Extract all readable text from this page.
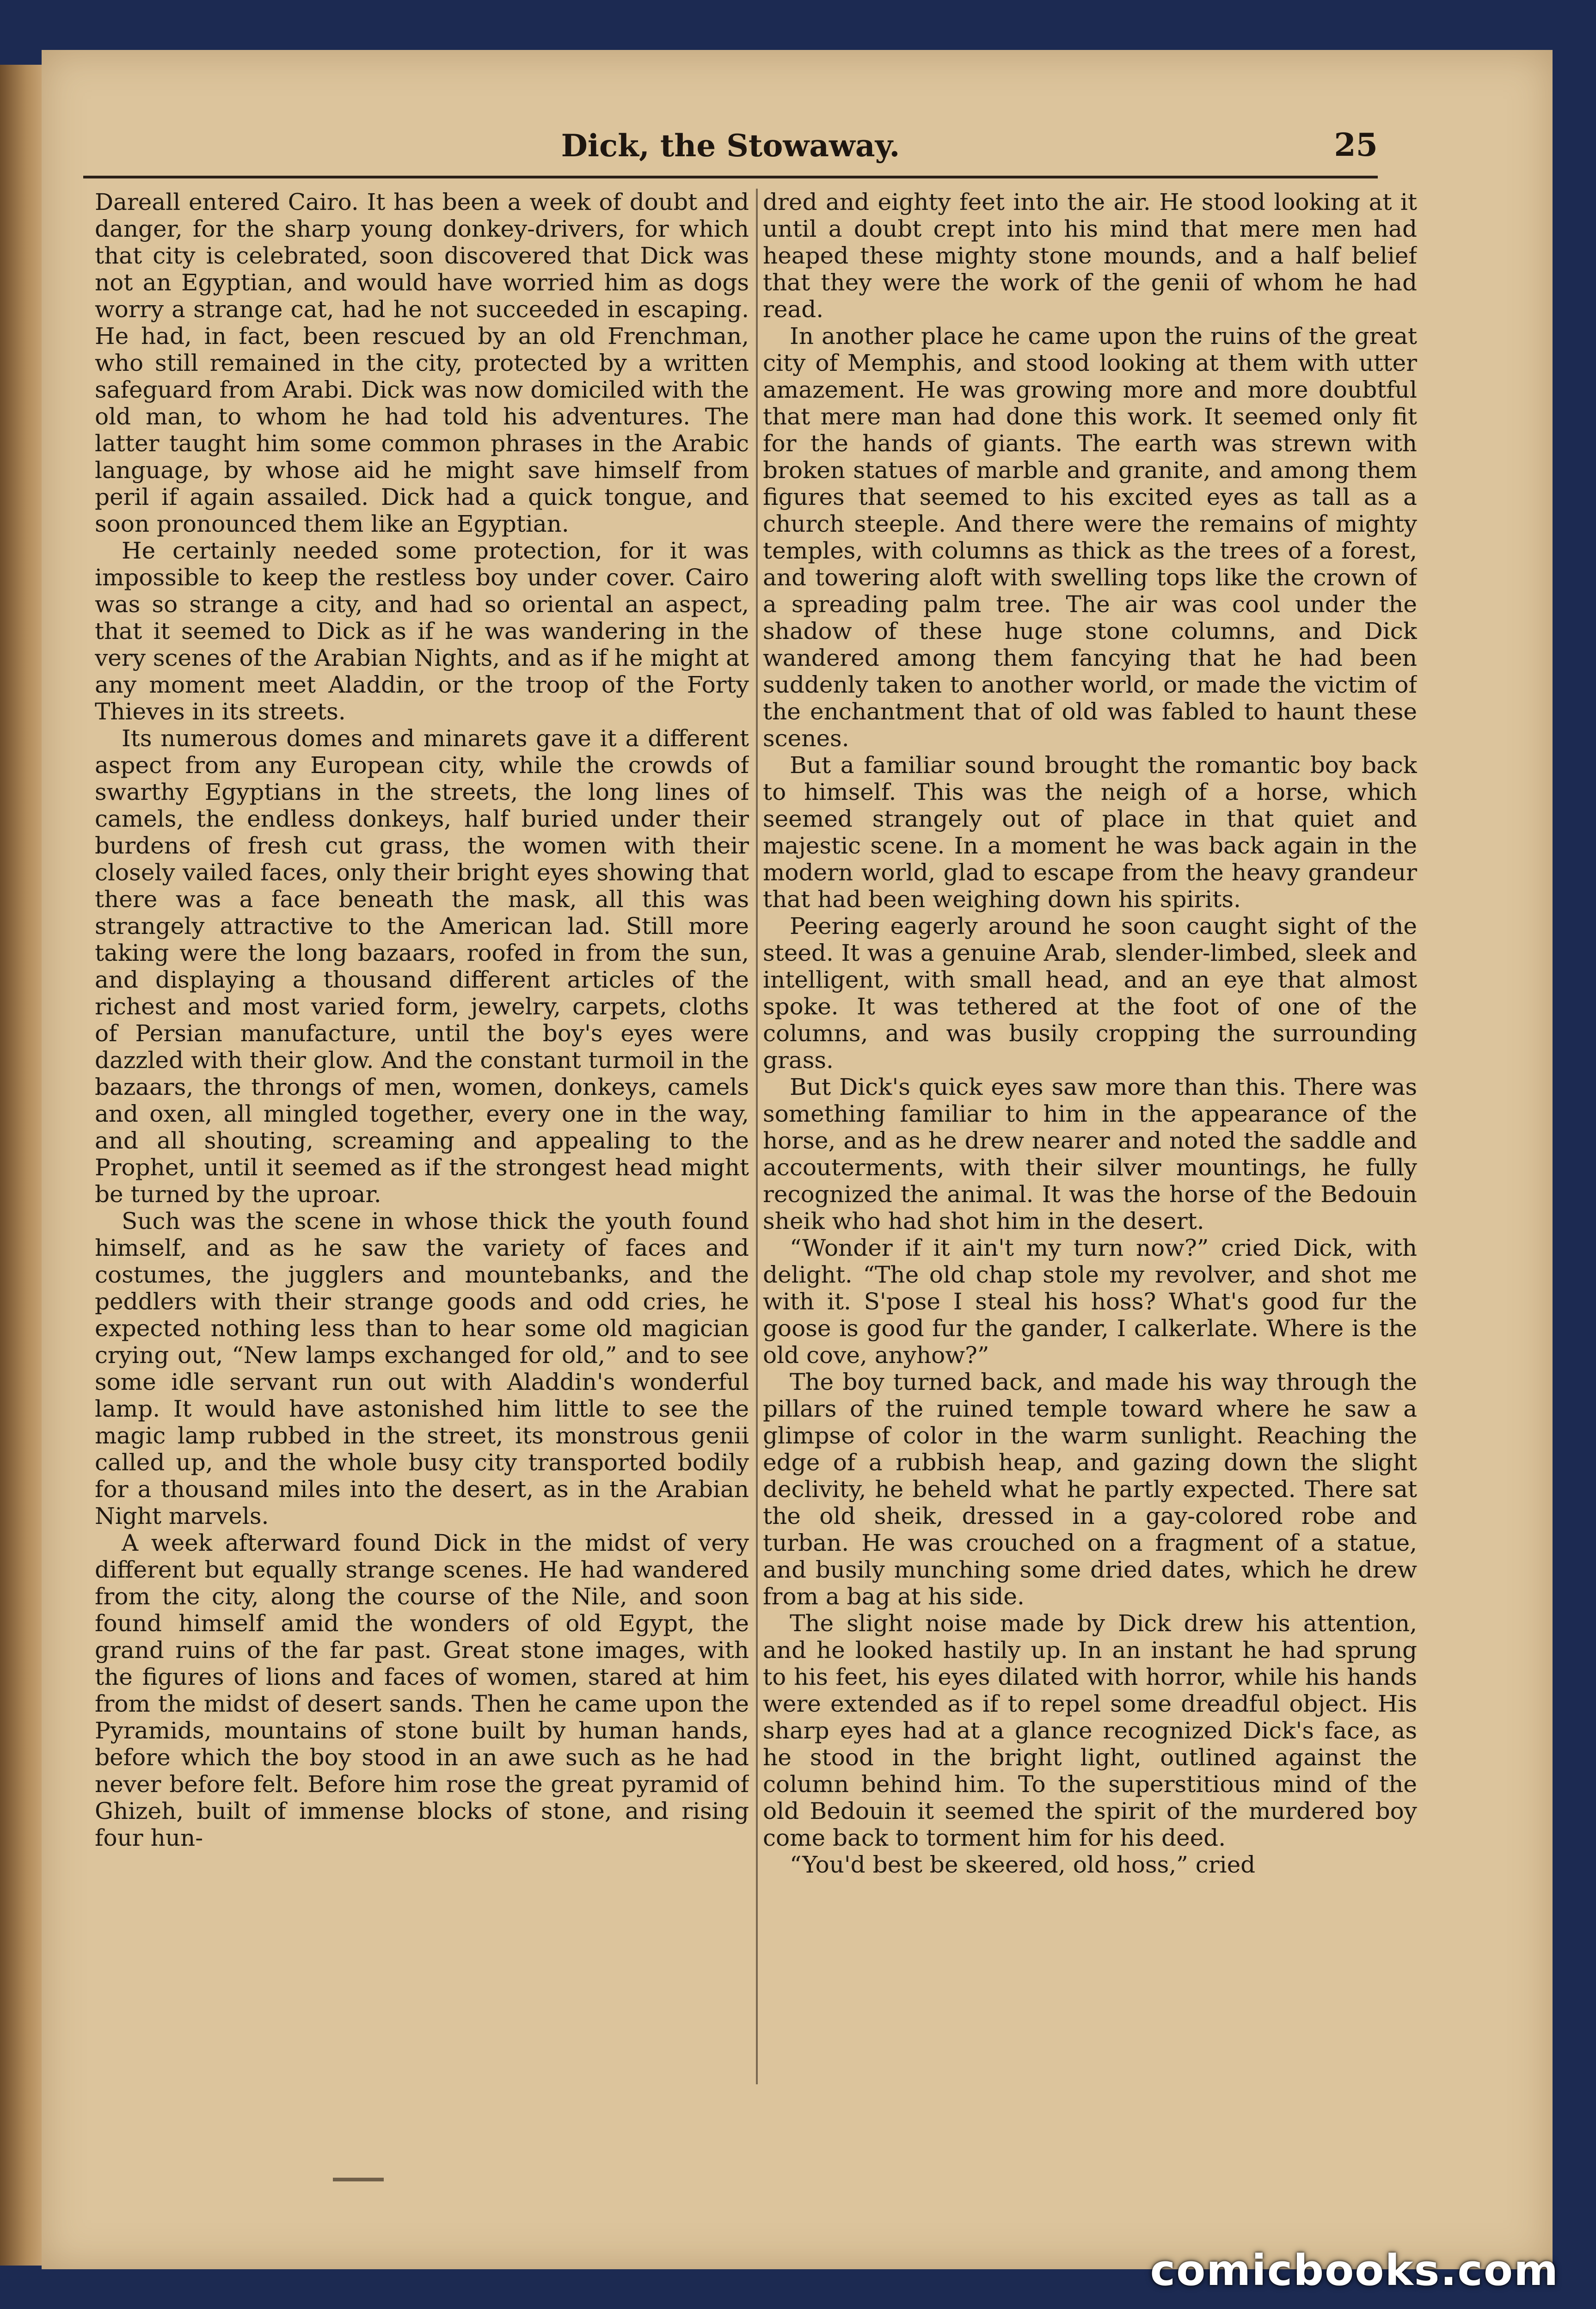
Dick, the Stowaway.	25

Dareall entered Cairo. It has been a week of doubt and danger, for the sharp young donkey-drivers, for which that city is celebrated, soon discovered that Dick was not an Egyptian, and would have worried him as dogs worry a strange cat, had he not succeeded in escaping. He had, in fact, been rescued by an old Frenchman, who still remained in the city, protected by a written safeguard from Arabi. Dick was now domiciled with the old man, to whom he had told his adventures. The latter taught him some common phrases in the Arabic language, by whose aid he might save himself from peril if again assailed. Dick had a quick tongue, and soon pronounced them like an Egyptian.

He certainly needed some protection, for it was impossible to keep the restless boy under cover. Cairo was so strange a city, and had so oriental an aspect, that it seemed to Dick as if he was wandering in the very scenes of the Arabian Nights, and as if he might at any moment meet Aladdin, or the troop of the Forty Thieves in its streets.

Its numerous domes and minarets gave it a different aspect from any European city, while the crowds of swarthy Egyptians in the streets, the long lines of camels, the endless donkeys, half buried under their burdens of fresh cut grass, the women with their closely vailed faces, only their bright eyes showing that there was a face beneath the mask, all this was strangely attractive to the American lad. Still more taking were the long bazaars, roofed in from the sun, and displaying a thousand different articles of the richest and most varied form, jewelry, carpets, cloths of Persian manufacture, until the boy's eyes were dazzled with their glow. And the constant turmoil in the bazaars, the throngs of men, women, donkeys, camels and oxen, all mingled together, every one in the way, and all shouting, screaming and appealing to the Prophet, until it seemed as if the strongest head might be turned by the uproar.

Such was the scene in whose thick the youth found himself, and as he saw the variety of faces and costumes, the jugglers and mountebanks, and the peddlers with their strange goods and odd cries, he expected nothing less than to hear some old magician crying out, “New lamps exchanged for old,” and to see some idle servant run out with Aladdin's wonderful lamp. It would have astonished him little to see the magic lamp rubbed in the street, its monstrous genii called up, and the whole busy city transported bodily for a thousand miles into the desert, as in the Arabian Night marvels.

A week afterward found Dick in the midst of very different but equally strange scenes. He had wandered from the city, along the course of the Nile, and soon found himself amid the wonders of old Egypt, the grand ruins of the far past. Great stone images, with the figures of lions and faces of women, stared at him from the midst of desert sands. Then he came upon the Pyramids, mountains of stone built by human hands, before which the boy stood in an awe such as he had never before felt. Before him rose the great pyramid of Ghizeh, built of immense blocks of stone, and rising four hun-

dred and eighty feet into the air. He stood looking at it until a doubt crept into his mind that mere men had heaped these mighty stone mounds, and a half belief that they were the work of the genii of whom he had read.

In another place he came upon the ruins of the great city of Memphis, and stood looking at them with utter amazement. He was growing more and more doubtful that mere man had done this work. It seemed only fit for the hands of giants. The earth was strewn with broken statues of marble and granite, and among them figures that seemed to his excited eyes as tall as a church steeple. And there were the remains of mighty temples, with columns as thick as the trees of a forest, and towering aloft with swelling tops like the crown of a spreading palm tree. The air was cool under the shadow of these huge stone columns, and Dick wandered among them fancying that he had been suddenly taken to another world, or made the victim of the enchantment that of old was fabled to haunt these scenes.

But a familiar sound brought the romantic boy back to himself. This was the neigh of a horse, which seemed strangely out of place in that quiet and majestic scene. In a moment he was back again in the modern world, glad to escape from the heavy grandeur that had been weighing down his spirits.

Peering eagerly around he soon caught sight of the steed. It was a genuine Arab, slender-limbed, sleek and intelligent, with small head, and an eye that almost spoke. It was tethered at the foot of one of the columns, and was busily cropping the surrounding grass.

But Dick's quick eyes saw more than this. There was something familiar to him in the appearance of the horse, and as he drew nearer and noted the saddle and accouterments, with their silver mountings, he fully recognized the animal. It was the horse of the Bedouin sheik who had shot him in the desert.

“Wonder if it ain't my turn now?” cried Dick, with delight. “The old chap stole my revolver, and shot me with it. S'pose I steal his hoss? What's good fur the goose is good fur the gander, I calkerlate. Where is the old cove, anyhow?”

The boy turned back, and made his way through the pillars of the ruined temple toward where he saw a glimpse of color in the warm sunlight. Reaching the edge of a rubbish heap, and gazing down the slight declivity, he beheld what he partly expected. There sat the old sheik, dressed in a gay-colored robe and turban. He was crouched on a fragment of a statue, and busily munching some dried dates, which he drew from a bag at his side.

The slight noise made by Dick drew his attention, and he looked hastily up. In an instant he had sprung to his feet, his eyes dilated with horror, while his hands were extended as if to repel some dreadful object. His sharp eyes had at a glance recognized Dick's face, as he stood in the bright light, outlined against the column behind him. To the superstitious mind of the old Bedouin it seemed the spirit of the murdered boy come back to torment him for his deed.

“You'd best be skeered, old hoss,” cried

comicbooks.com
